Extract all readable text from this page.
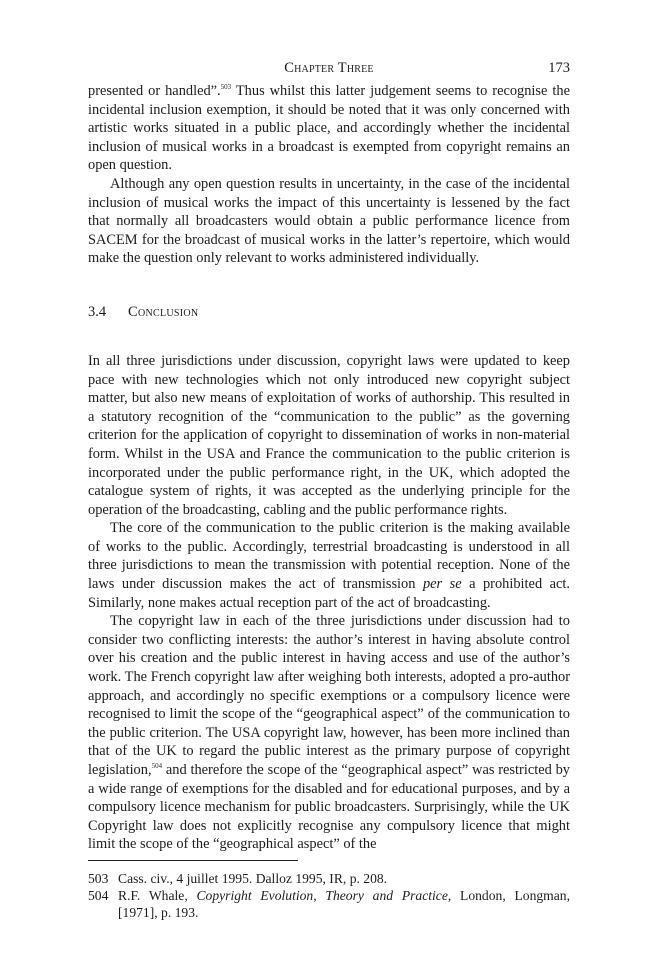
Chapter Three	173

presented or handled”.$^{503}$ Thus whilst this latter judgement seems to recognise the incidental inclusion exemption, it should be noted that it was only concerned with artistic works situated in a public place, and accordingly whether the incidental inclusion of musical works in a broadcast is exempted from copyright remains an open question.

Although any open question results in uncertainty, in the case of the incidental inclusion of musical works the impact of this uncertainty is lessened by the fact that normally all broadcasters would obtain a public performance licence from SACEM for the broadcast of musical works in the latter’s repertoire, which would make the question only relevant to works administered individually.

3.4 Conclusion

In all three jurisdictions under discussion, copyright laws were updated to keep pace with new technologies which not only introduced new copyright subject matter, but also new means of exploitation of works of authorship. This resulted in a statutory recognition of the “communication to the public” as the governing criterion for the application of copyright to dissemination of works in non-material form. Whilst in the USA and France the communication to the public criterion is incorporated under the public performance right, in the UK, which adopted the catalogue system of rights, it was accepted as the underlying principle for the operation of the broadcasting, cabling and the public performance rights.

The core of the communication to the public criterion is the making available of works to the public. Accordingly, terrestrial broadcasting is understood in all three jurisdictions to mean the transmission with potential reception. None of the laws under discussion makes the act of transmission per se a prohibited act. Similarly, none makes actual reception part of the act of broadcasting.

The copyright law in each of the three jurisdictions under discussion had to consider two conflicting interests: the author’s interest in having absolute control over his creation and the public interest in having access and use of the author’s work. The French copyright law after weighing both interests, adopted a pro-author approach, and accordingly no specific exemptions or a compulsory licence were recognised to limit the scope of the “geographical aspect” of the communication to the public criterion. The USA copyright law, however, has been more inclined than that of the UK to regard the public interest as the primary purpose of copyright legislation,$^{504}$ and therefore the scope of the “geographical aspect” was restricted by a wide range of exemptions for the disabled and for educational purposes, and by a compulsory licence mechanism for public broadcasters. Surprisingly, while the UK Copyright law does not explicitly recognise any compulsory licence that might limit the scope of the “geographical aspect” of the

503 Cass. civ., 4 juillet 1995. Dalloz 1995, IR, p. 208.
504 R.F. Whale, Copyright Evolution, Theory and Practice, London, Longman, [1971], p. 193.
